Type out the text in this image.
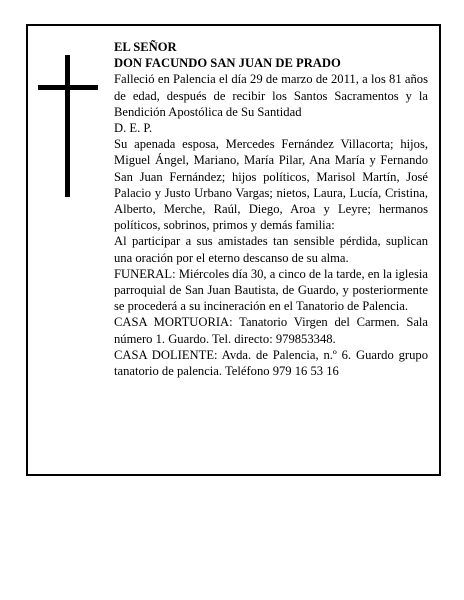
EL SEÑOR

DON FACUNDO SAN JUAN DE PRADO

Falleció en Palencia el día 29 de marzo de 2011, a los 81 años de edad, después de recibir los Santos Sacramentos y la Bendición Apostólica de Su Santidad

D. E. P.

Su apenada esposa, Mercedes Fernández Villacorta; hijos, Miguel Ángel, Mariano, María Pilar, Ana María y Fernando San Juan Fernández; hijos políticos, Marisol Martín, José Palacio y Justo Urbano Vargas; nietos, Laura, Lucía, Cristina, Alberto, Merche, Raúl, Diego, Aroa y Leyre; hermanos políticos, sobrinos, primos y demás familia:

Al participar a sus amistades tan sensible pérdida, suplican una oración por el eterno descanso de su alma.

FUNERAL: Miércoles día 30, a cinco de la tarde, en la iglesia parroquial de San Juan Bautista, de Guardo, y posteriormente se procederá a su incineración en el Tanatorio de Palencia.

CASA MORTUORIA: Tanatorio Virgen del Carmen. Sala número 1. Guardo. Tel. directo: 979853348.

CASA DOLIENTE: Avda. de Palencia, n.º 6. Guardo grupo tanatorio de palencia. Teléfono 979 16 53 16
